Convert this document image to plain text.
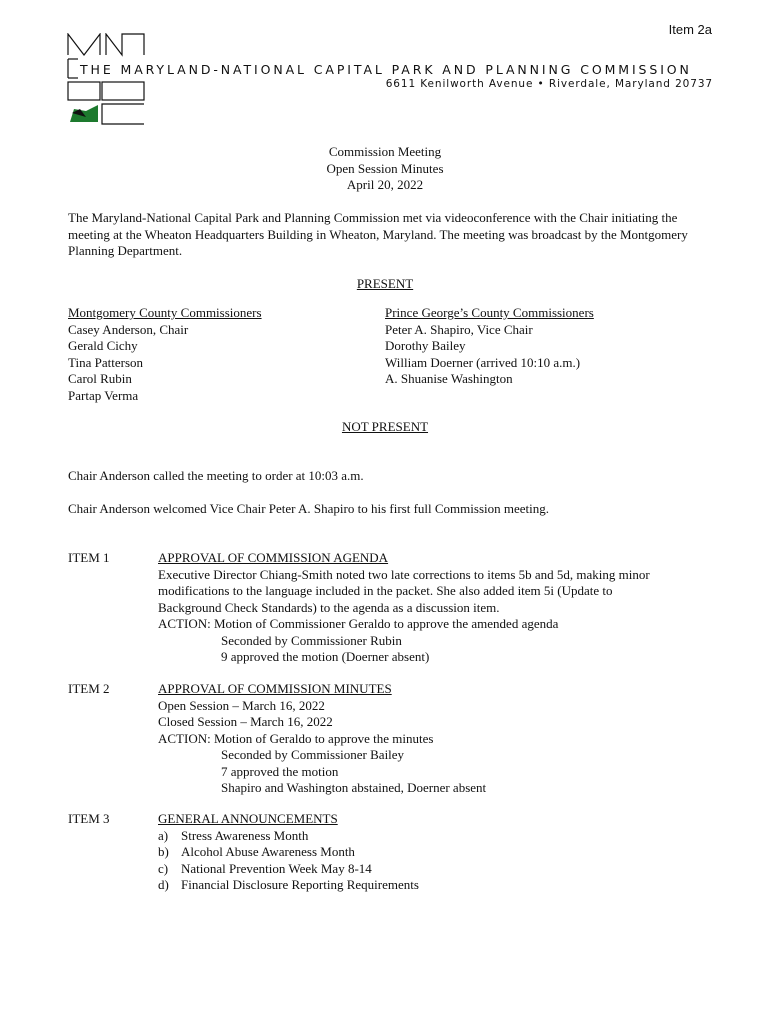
Item 2a
THE MARYLAND-NATIONAL CAPITAL PARK AND PLANNING COMMISSION
6611 Kenilworth Avenue • Riverdale, Maryland 20737
Commission Meeting
Open Session Minutes
April 20, 2022
The Maryland-National Capital Park and Planning Commission met via videoconference with the Chair initiating the meeting at the Wheaton Headquarters Building in Wheaton, Maryland. The meeting was broadcast by the Montgomery Planning Department.
PRESENT
Montgomery County Commissioners
Casey Anderson, Chair
Gerald Cichy
Tina Patterson
Carol Rubin
Partap Verma
Prince George’s County Commissioners
Peter A. Shapiro, Vice Chair
Dorothy Bailey
William Doerner (arrived 10:10 a.m.)
A. Shuanise Washington
NOT PRESENT
Chair Anderson called the meeting to order at 10:03 a.m.
Chair Anderson welcomed Vice Chair Peter A. Shapiro to his first full Commission meeting.
ITEM 1	APPROVAL OF COMMISSION AGENDA
Executive Director Chiang-Smith noted two late corrections to items 5b and 5d, making minor
modifications to the language included in the packet. She also added item 5i (Update to
Background Check Standards) to the agenda as a discussion item.
ACTION: Motion of Commissioner Geraldo to approve the amended agenda
Seconded by Commissioner Rubin
9 approved the motion (Doerner absent)
ITEM 2	APPROVAL OF COMMISSION MINUTES
Open Session – March 16, 2022
Closed Session – March 16, 2022
ACTION: Motion of Geraldo to approve the minutes
Seconded by Commissioner Bailey
7 approved the motion
Shapiro and Washington abstained, Doerner absent
ITEM 3	GENERAL ANNOUNCEMENTS
a) Stress Awareness Month
b) Alcohol Abuse Awareness Month
c) National Prevention Week May 8-14
d) Financial Disclosure Reporting Requirements
